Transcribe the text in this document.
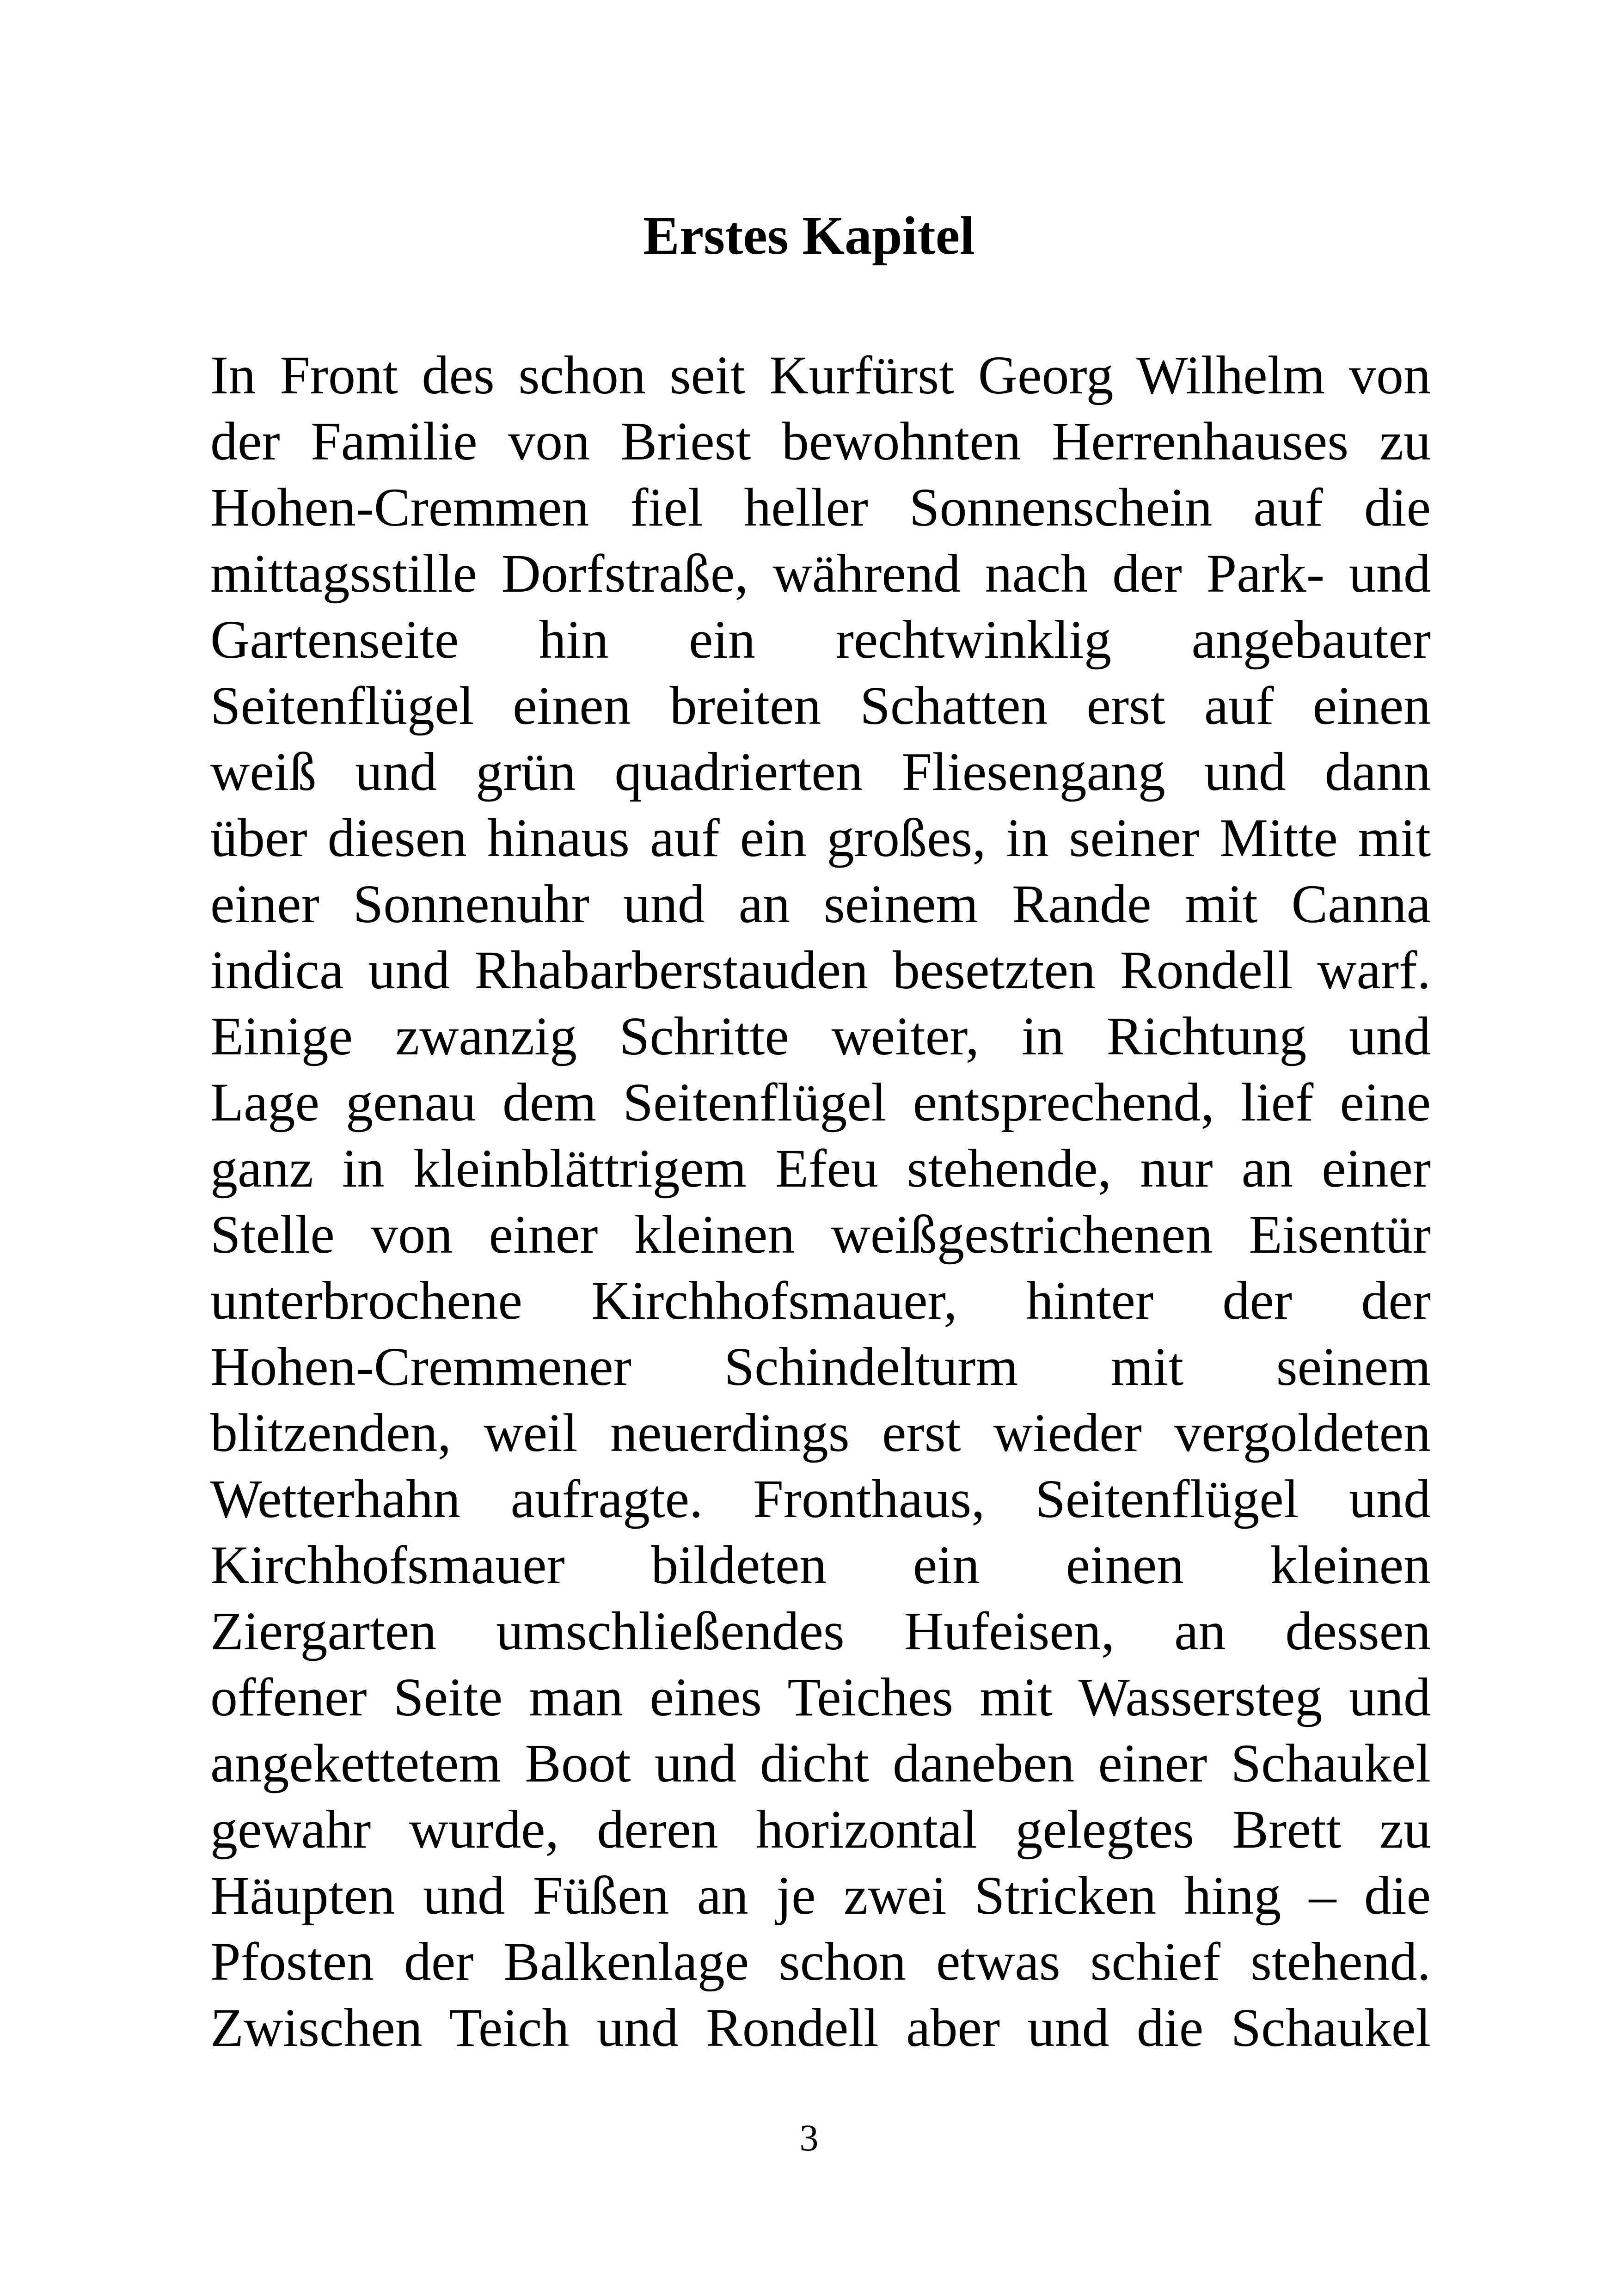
Erstes Kapitel
In Front des schon seit Kurfürst Georg Wilhelm von
der Familie von Briest bewohnten Herrenhauses zu
Hohen-Cremmen fiel heller Sonnenschein auf die
mittagsstille Dorfstraße, während nach der Park- und
Gartenseite hin ein rechtwinklig angebauter
Seitenflügel einen breiten Schatten erst auf einen
weiß und grün quadrierten Fliesengang und dann
über diesen hinaus auf ein großes, in seiner Mitte mit
einer Sonnenuhr und an seinem Rande mit Canna
indica und Rhabarberstauden besetzten Rondell warf.
Einige zwanzig Schritte weiter, in Richtung und
Lage genau dem Seitenflügel entsprechend, lief eine
ganz in kleinblättrigem Efeu stehende, nur an einer
Stelle von einer kleinen weißgestrichenen Eisentür
unterbrochene Kirchhofsmauer, hinter der der
Hohen-Cremmener Schindelturm mit seinem
blitzenden, weil neuerdings erst wieder vergoldeten
Wetterhahn aufragte. Fronthaus, Seitenflügel und
Kirchhofsmauer bildeten ein einen kleinen
Ziergarten umschließendes Hufeisen, an dessen
offener Seite man eines Teiches mit Wassersteg und
angekettetem Boot und dicht daneben einer Schaukel
gewahr wurde, deren horizontal gelegtes Brett zu
Häupten und Füßen an je zwei Stricken hing – die
Pfosten der Balkenlage schon etwas schief stehend.
Zwischen Teich und Rondell aber und die Schaukel
3
